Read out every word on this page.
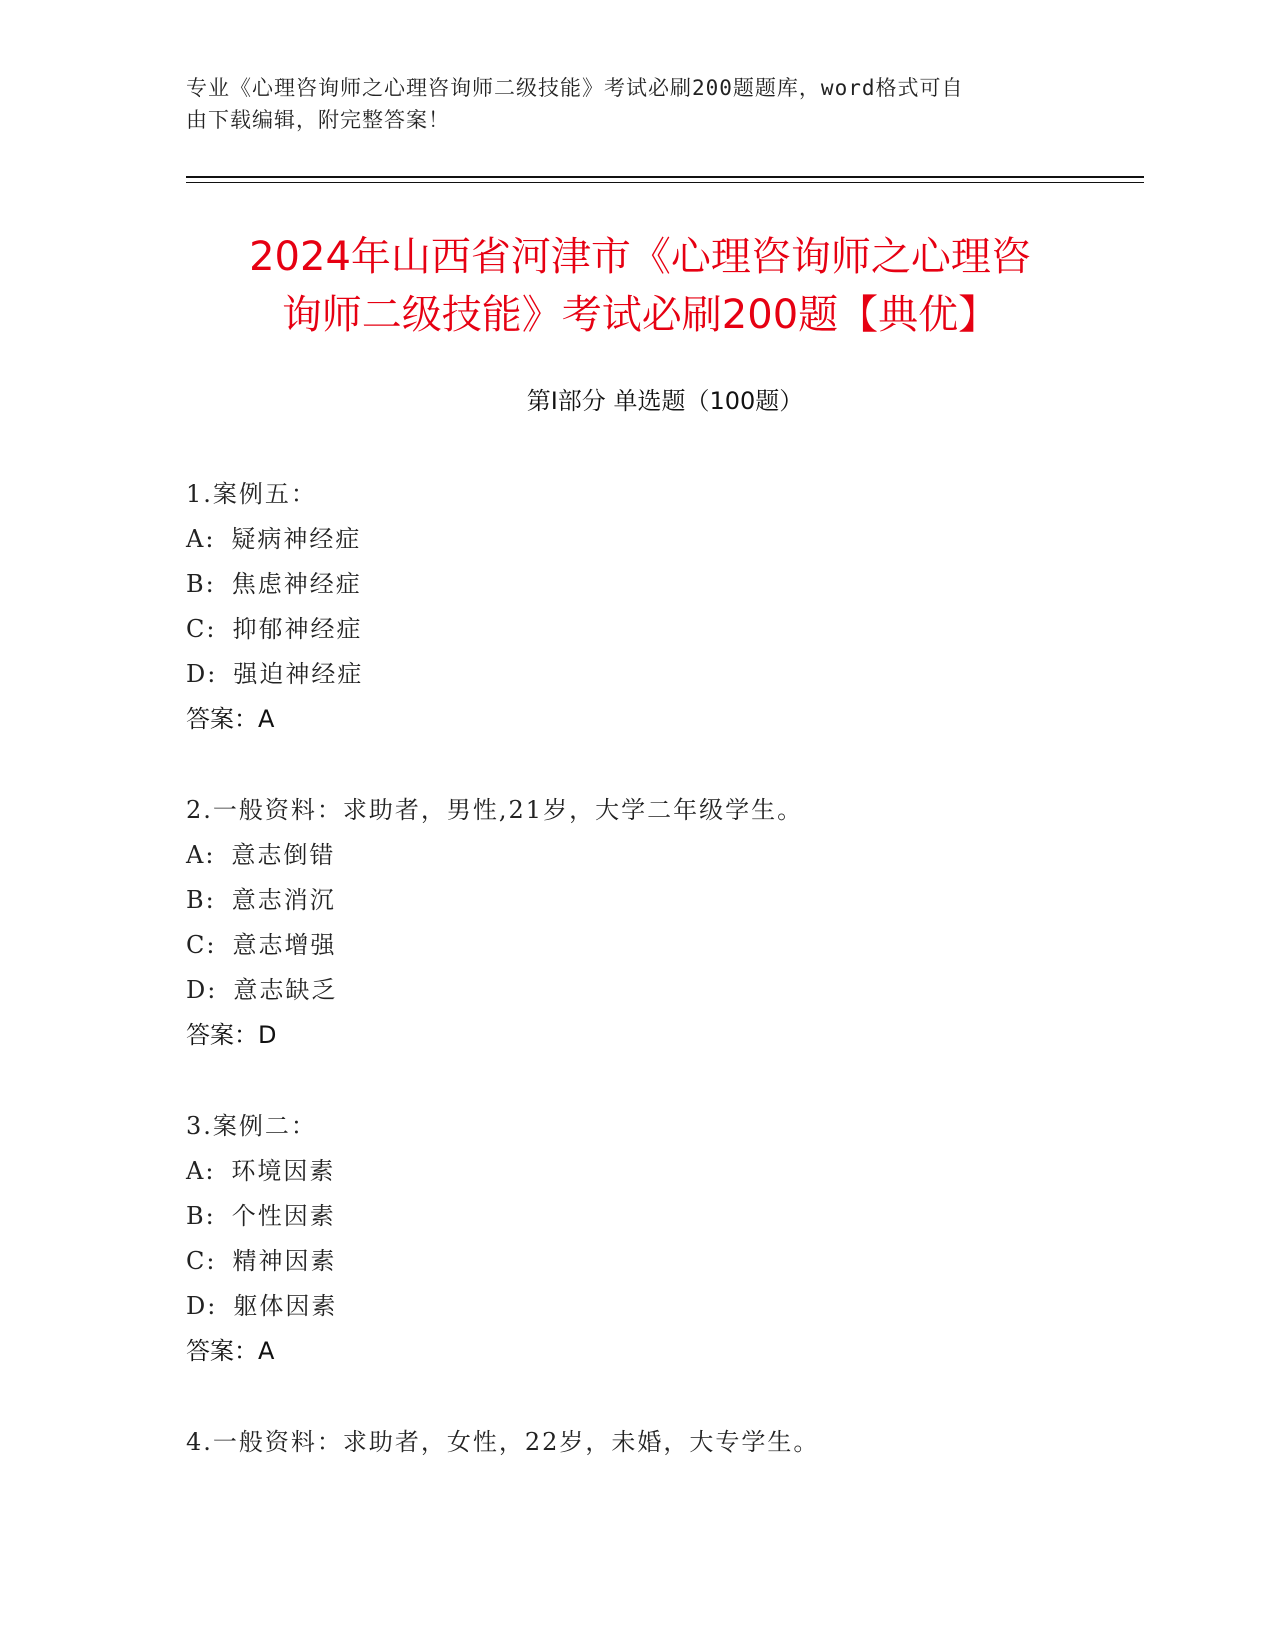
专业《心理咨询师之心理咨询师二级技能》考试必刷200题题库，word格式可自
由下载编辑，附完整答案！
2024年山西省河津市《心理咨询师之心理咨
询师二级技能》考试必刷200题【典优】
第Ⅰ部分 单选题（100题）
1.案例五：
A: 疑病神经症
B: 焦虑神经症
C: 抑郁神经症
D: 强迫神经症
答案：A
2.一般资料：求助者，男性,21岁，大学二年级学生。
A: 意志倒错
B: 意志消沉
C: 意志增强
D: 意志缺乏
答案：D
3.案例二：
A: 环境因素
B: 个性因素
C: 精神因素
D: 躯体因素
答案：A
4.一般资料：求助者，女性，22岁，未婚，大专学生。
